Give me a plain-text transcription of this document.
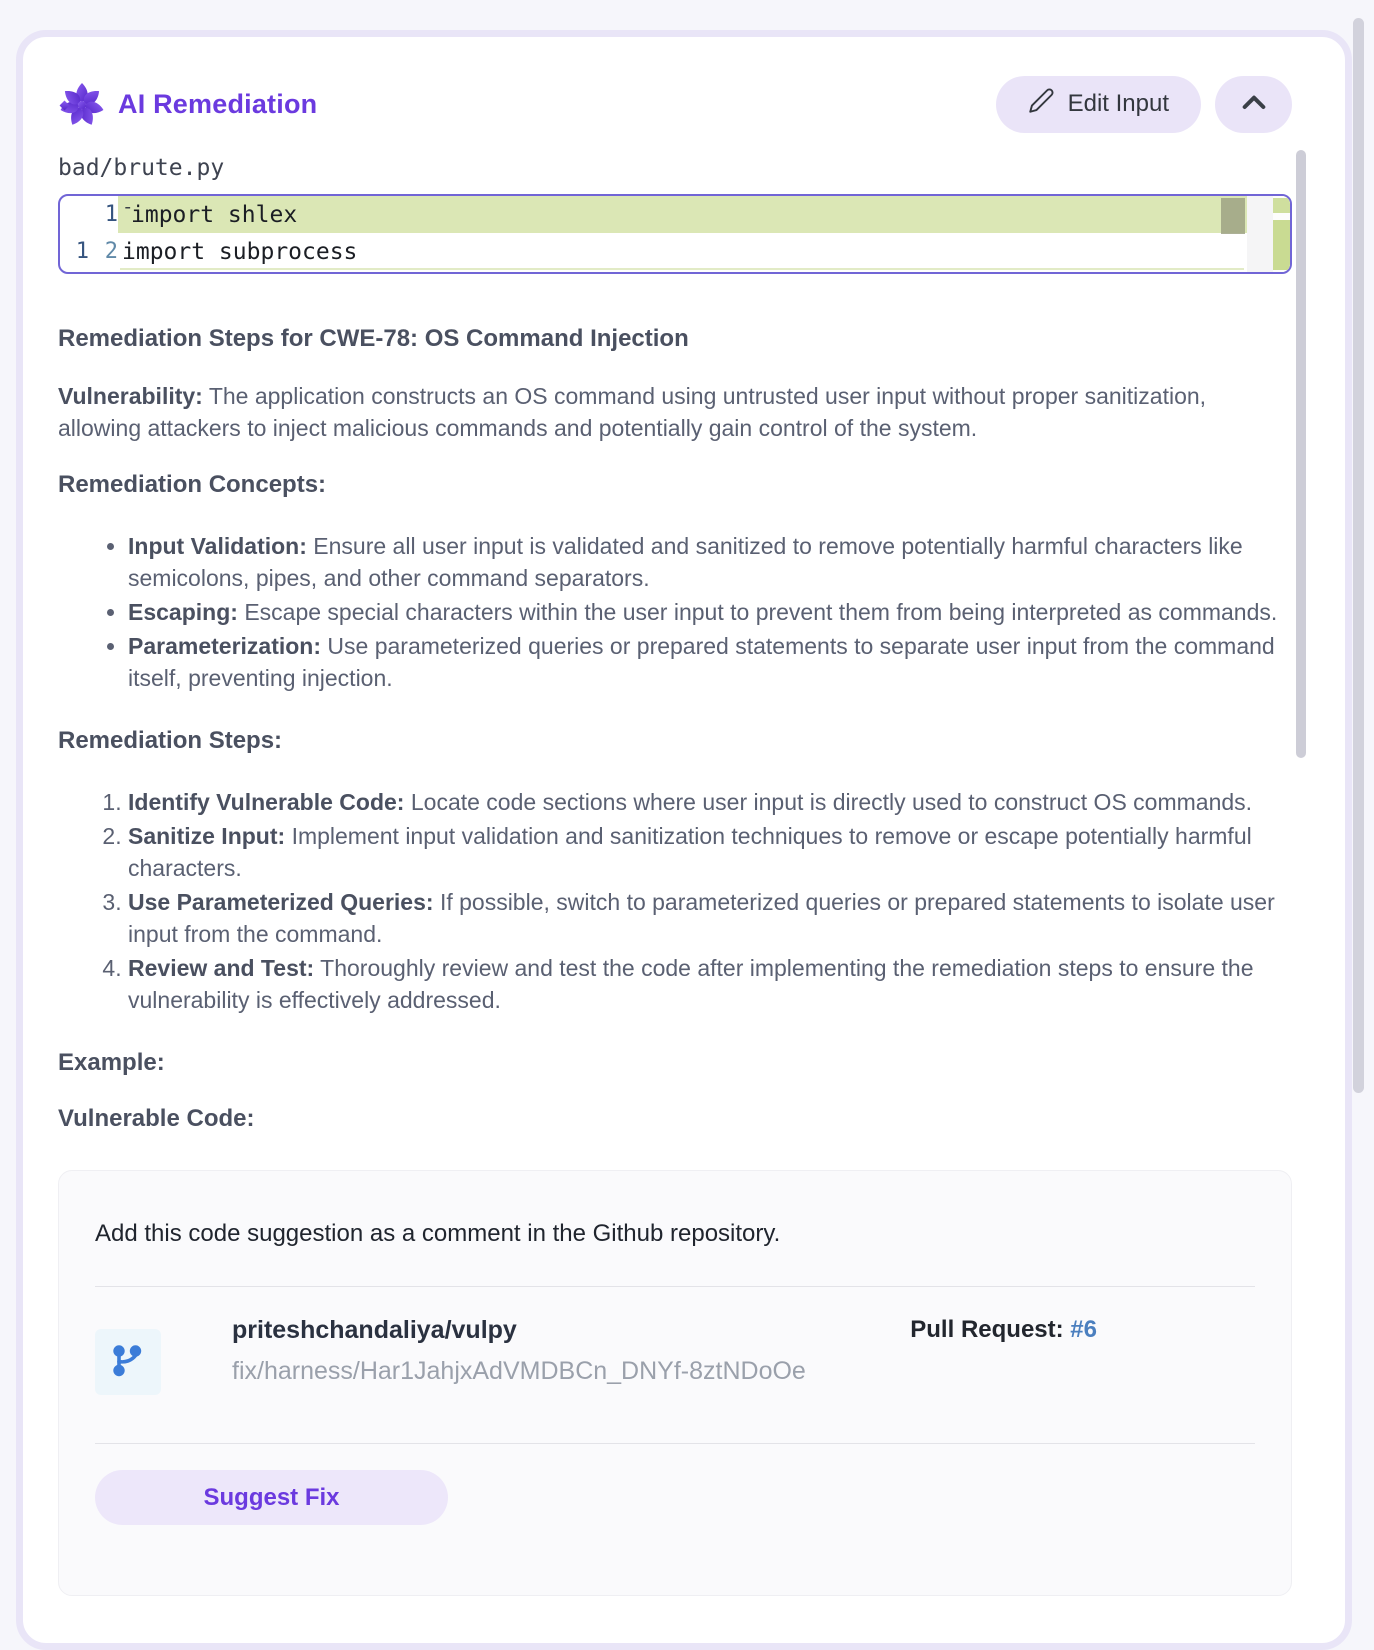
AI Remediation	Edit Input
bad/brute.py
1 -
import shlex
1 2 import subprocess
Remediation Steps for CWE-78: OS Command Injection

Vulnerability: The application constructs an OS command using untrusted user input without proper sanitization, allowing attackers to inject malicious commands and potentially gain control of the system.

Remediation Concepts:
• Input Validation: Ensure all user input is validated and sanitized to remove potentially harmful characters like semicolons, pipes, and other command separators.
• Escaping: Escape special characters within the user input to prevent them from being interpreted as commands.
• Parameterization: Use parameterized queries or prepared statements to separate user input from the command itself, preventing injection.
Remediation Steps:
1. Identify Vulnerable Code: Locate code sections where user input is directly used to construct OS commands.
2. Sanitize Input: Implement input validation and sanitization techniques to remove or escape potentially harmful characters.
3. Use Parameterized Queries: If possible, switch to parameterized queries or prepared statements to isolate user input from the command.
4. Review and Test: Thoroughly review and test the code after implementing the remediation steps to ensure the vulnerability is effectively addressed.
Example:
Vulnerable Code:
Add this code suggestion as a comment in the Github repository.
priteshchandaliya/vulpy
fix/harness/Har1JahjxAdVMDBCn_DNYf-8ztNDoOe
Pull Request: #6
Suggest Fix
